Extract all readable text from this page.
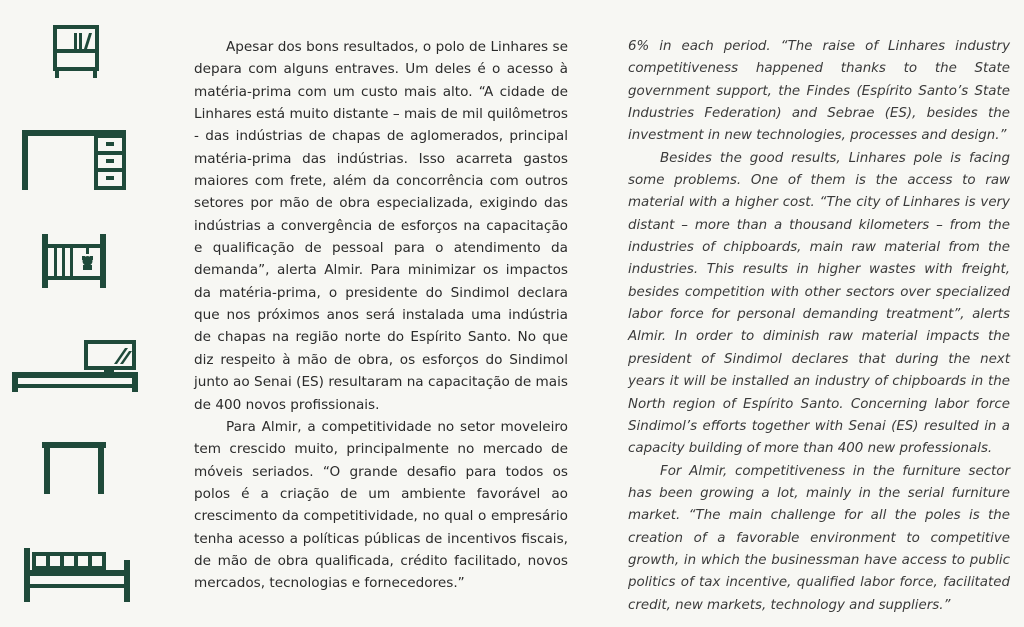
Apesar dos bons resultados, o polo de Linhares se depara com alguns entraves. Um deles é o acesso à matéria-prima com um custo mais alto. “A cidade de Linhares está muito distante – mais de mil quilômetros - das indústrias de chapas de aglomerados, principal matéria-prima das indústrias. Isso acarreta gastos maiores com frete, além da concorrência com outros setores por mão de obra especializada, exigindo das indústrias a convergência de esforços na capacitação e qualificação de pessoal para o atendimento da demanda”, alerta Almir. Para minimizar os impactos da matéria-prima, o presidente do Sindimol declara que nos próximos anos será instalada uma indústria de chapas na região norte do Espírito Santo. No que diz respeito à mão de obra, os esforços do Sindimol junto ao Senai (ES) resultaram na capacitação de mais de 400 novos profissionais.

Para Almir, a competitividade no setor moveleiro tem crescido muito, principalmente no mercado de móveis seriados. “O grande desafio para todos os polos é a criação de um ambiente favorável ao crescimento da competitividade, no qual o empresário tenha acesso a políticas públicas de incentivos fiscais, de mão de obra qualificada, crédito facilitado, novos mercados, tecnologias e fornecedores.”

6% in each period. “The raise of Linhares industry competitiveness happened thanks to the State government support, the Findes (Espírito Santo’s State Industries Federation) and Sebrae (ES), besides the investment in new technologies, processes and design.”

Besides the good results, Linhares pole is facing some problems. One of them is the access to raw material with a higher cost. “The city of Linhares is very distant – more than a thousand kilometers – from the industries of chipboards, main raw material from the industries. This results in higher wastes with freight, besides competition with other sectors over specialized labor force for personal demanding treatment”, alerts Almir. In order to diminish raw material impacts the president of Sindimol declares that during the next years it will be installed an industry of chipboards in the North region of Espírito Santo. Concerning labor force Sindimol’s efforts together with Senai (ES) resulted in a capacity building of more than 400 new professionals.

For Almir, competitiveness in the furniture sector has been growing a lot, mainly in the serial furniture market. “The main challenge for all the poles is the creation of a favorable environment to competitive growth, in which the businessman have access to public politics of tax incentive, qualified labor force, facilitated credit, new markets, technology and suppliers.”
